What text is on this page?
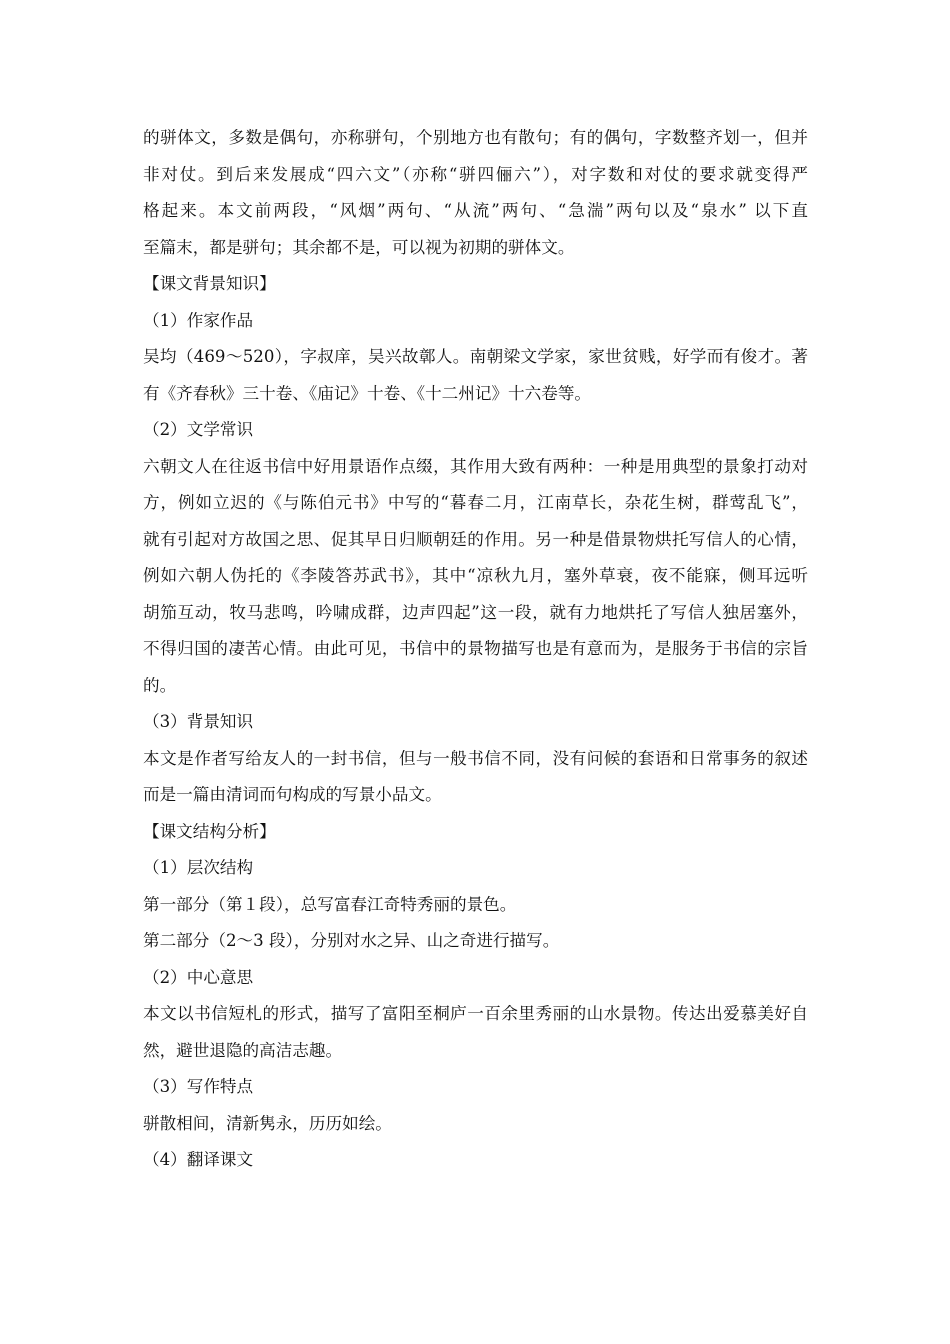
的骈体文，多数是偶句，亦称骈句，个别地方也有散句；有的偶句，字数整齐划一，但并

非对仗。到后来发展成“四六文”（亦称“骈四俪六”），对字数和对仗的要求就变得严

格起来。本文前两段，“风烟”两句、“从流”两句、“急湍”两句以及“泉水” 以下直

至篇末，都是骈句；其余都不是，可以视为初期的骈体文。

【课文背景知识】

（1）作家作品

吴均（469～520），字叔庠，吴兴故鄣人。南朝梁文学家，家世贫贱，好学而有俊才。著

有《齐春秋》三十卷、《庙记》十卷、《十二州记》十六卷等。

（2）文学常识

六朝文人在往返书信中好用景语作点缀，其作用大致有两种：一种是用典型的景象打动对

方，例如立迟的《与陈伯元书》中写的“暮春二月，江南草长，杂花生树，群莺乱飞”，

就有引起对方故国之思、促其早日归顺朝廷的作用。另一种是借景物烘托写信人的心情，

例如六朝人伪托的《李陵答苏武书》，其中“凉秋九月，塞外草衰，夜不能寐，侧耳远听

胡笳互动，牧马悲鸣，吟啸成群，边声四起”这一段，就有力地烘托了写信人独居塞外，

不得归国的凄苦心情。由此可见，书信中的景物描写也是有意而为，是服务于书信的宗旨

的。

（3）背景知识

本文是作者写给友人的一封书信，但与一般书信不同，没有问候的套语和日常事务的叙述

而是一篇由清词而句构成的写景小品文。

【课文结构分析】

（1）层次结构

第一部分（第１段），总写富春江奇特秀丽的景色。

第二部分（2～3 段），分别对水之异、山之奇进行描写。

（2）中心意思

本文以书信短札的形式，描写了富阳至桐庐一百余里秀丽的山水景物。传达出爱慕美好自

然，避世退隐的高洁志趣。

（3）写作特点

骈散相间，清新隽永，历历如绘。

（4）翻译课文
